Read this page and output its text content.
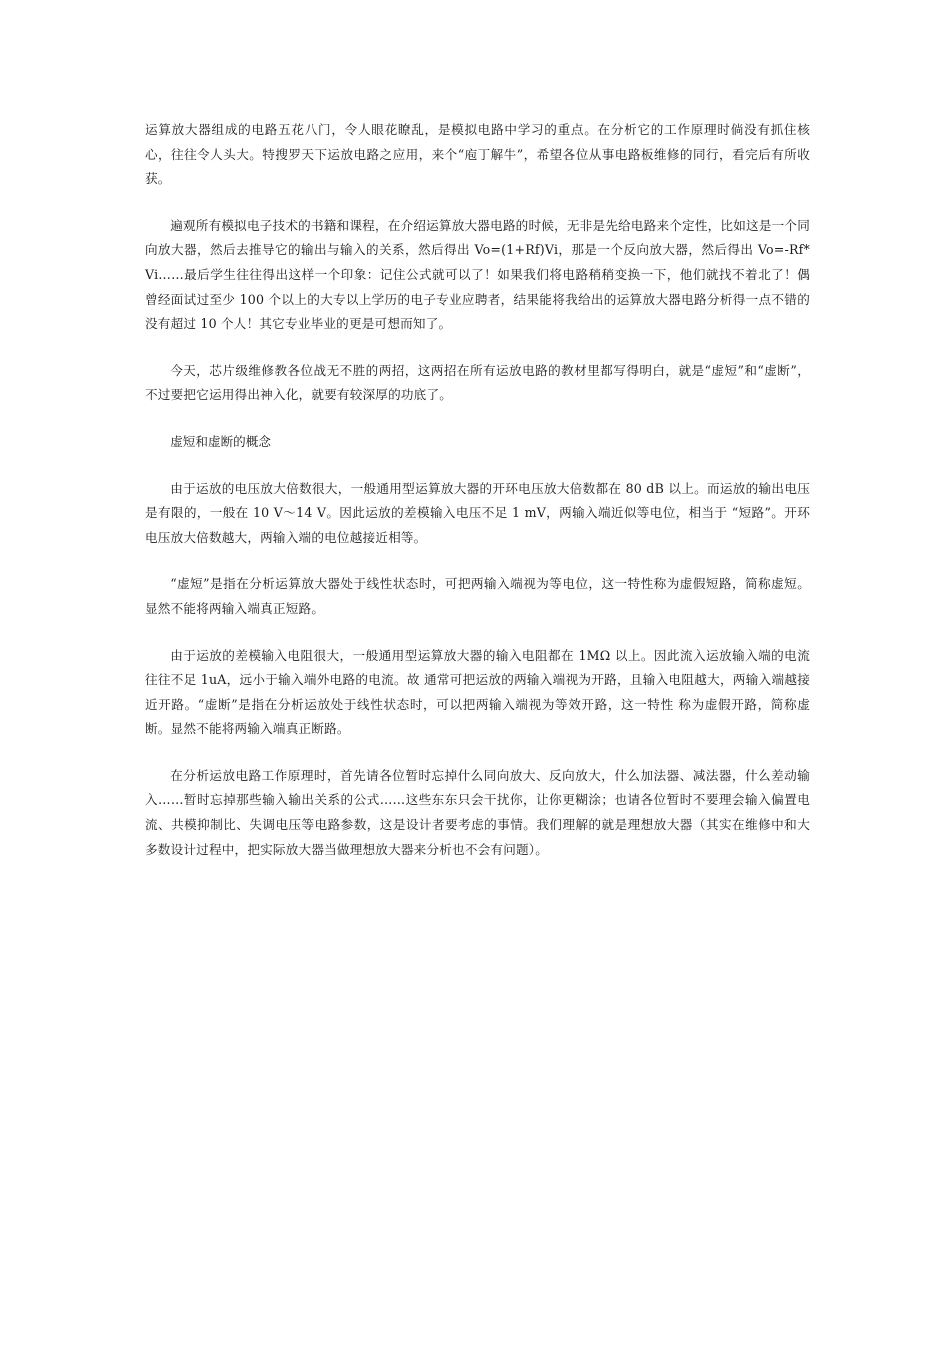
运算放大器组成的电路五花八门，令人眼花瞭乱，是模拟电路中学习的重点。在分析它的工作原理时倘没有抓住核心，往往令人头大。特搜罗天下运放电路之应用，来个“庖丁解牛”，希望各位从事电路板维修的同行，看完后有所收获。

遍观所有模拟电子技术的书籍和课程，在介绍运算放大器电路的时候，无非是先给电路来个定性，比如这是一个同向放大器，然后去推导它的输出与输入的关系，然后得出 Vo=(1+Rf)Vi，那是一个反向放大器，然后得出 Vo=-Rf*Vi……最后学生往往得出这样一个印象：记住公式就可以了！如果我们将电路稍稍变换一下，他们就找不着北了！偶曾经面试过至少 100 个以上的大专以上学历的电子专业应聘者，结果能将我给出的运算放大器电路分析得一点不错的没有超过 10 个人！其它专业毕业的更是可想而知了。

今天，芯片级维修教各位战无不胜的两招，这两招在所有运放电路的教材里都写得明白，就是“虚短”和“虚断”，不过要把它运用得出神入化，就要有较深厚的功底了。

虚短和虚断的概念

由于运放的电压放大倍数很大，一般通用型运算放大器的开环电压放大倍数都在 80 dB 以上。而运放的输出电压是有限的，一般在 10 V～14 V。因此运放的差模输入电压不足 1 mV，两输入端近似等电位，相当于 “短路”。开环电压放大倍数越大，两输入端的电位越接近相等。

“虚短”是指在分析运算放大器处于线性状态时，可把两输入端视为等电位，这一特性称为虚假短路，简称虚短。显然不能将两输入端真正短路。

由于运放的差模输入电阻很大，一般通用型运算放大器的输入电阻都在 1MΩ 以上。因此流入运放输入端的电流往往不足 1uA，远小于输入端外电路的电流。故 通常可把运放的两输入端视为开路，且输入电阻越大，两输入端越接近开路。“虚断”是指在分析运放处于线性状态时，可以把两输入端视为等效开路，这一特性 称为虚假开路，简称虚断。显然不能将两输入端真正断路。

在分析运放电路工作原理时，首先请各位暂时忘掉什么同向放大、反向放大，什么加法器、减法器，什么差动输入……暂时忘掉那些输入输出关系的公式……这些东东只会干扰你，让你更糊涂；也请各位暂时不要理会输入偏置电流、共模抑制比、失调电压等电路参数，这是设计者要考虑的事情。我们理解的就是理想放大器（其实在维修中和大多数设计过程中，把实际放大器当做理想放大器来分析也不会有问题）。
